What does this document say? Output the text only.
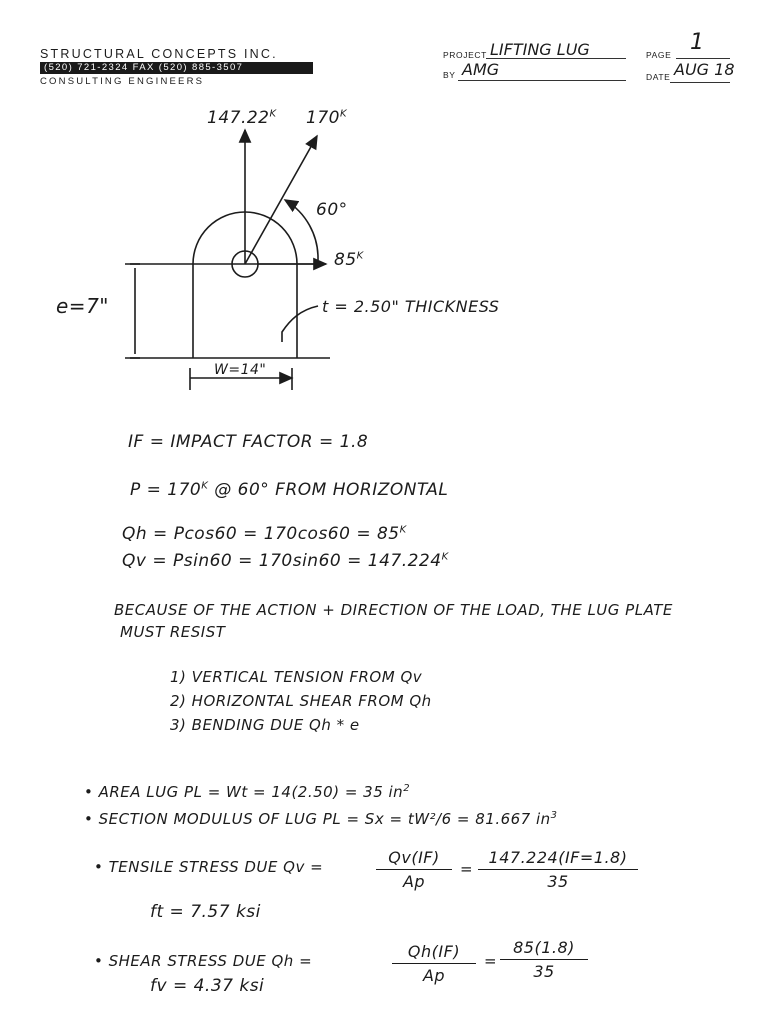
STRUCTURAL CONCEPTS INC.
(520) 721-2324 FAX (520) 885-3507
CONSULTING ENGINEERS
PROJECT LIFTING LUG
BY AMG
PAGE 1
DATE AUG 18
$147.22^K$ $170^K$
60°
$85^K$
e=7"	t = 2.50" THICKNESS
W=14"
IF = IMPACT FACTOR = 1.8
$P = 170^K$ @ 60° FROM HORIZONTAL
$Qh = Pcos60 = 170\cos 60 = 85^K$
$Qv = Psin60 = 170\sin 60 = 147.224^K$
BECAUSE OF THE ACTION + DIRECTION OF THE LOAD, THE LUG PLATE
MUST RESIST
1) VERTICAL TENSION FROM Qv
2) HORIZONTAL SHEAR FROM Qh
3) BENDING DUE Qh * e
• AREA LUG PL = Wt = 14(2.50) = 35 $in^2$
• SECTION MODULUS OF LUG PL = Sx = tW²/6 = 81.667 $in^3$
• TENSILE STRESS DUE Qv =	Qv(IF)
Ap
=
147.224(IF=1.8)
35
ft = 7.57 ksi
• SHEAR STRESS DUE Qh =	Qh(IF)
Ap
=
85(1.8)
35
fv = 4.37 ksi
